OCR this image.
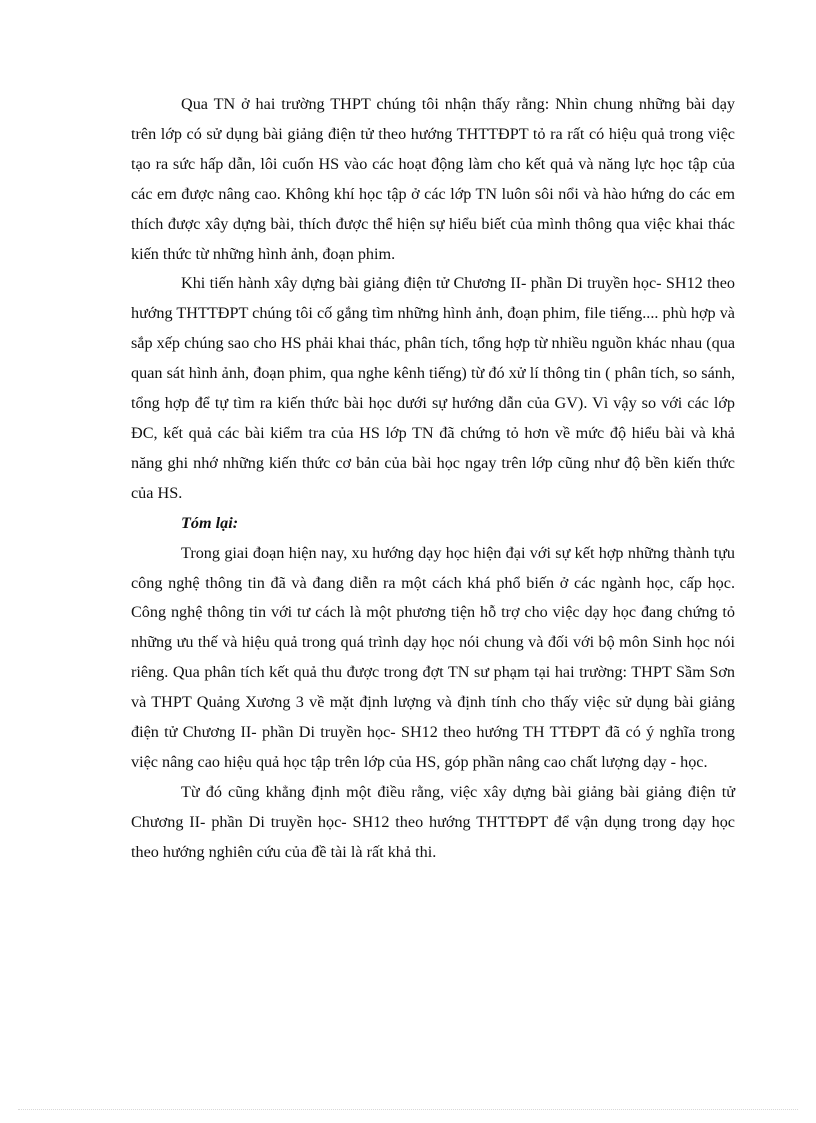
Qua TN ở hai trường THPT chúng tôi nhận thấy rằng: Nhìn chung những bài dạy trên lớp có sử dụng bài giảng điện tử theo hướng THTTĐPT tỏ ra rất có hiệu quả trong việc tạo ra sức hấp dẫn, lôi cuốn HS vào các hoạt động làm cho kết quả và năng lực học tập của các em được nâng cao. Không khí học tập ở các lớp TN luôn sôi nổi và hào hứng do các em thích được xây dựng bài, thích được thể hiện sự hiểu biết của mình thông qua việc khai thác kiến thức từ những hình ảnh, đoạn phim.

Khi tiến hành xây dựng bài giảng điện tử Chương II- phần Di truyền học- SH12 theo hướng THTTĐPT chúng tôi cố gắng tìm những hình ảnh, đoạn phim, file tiếng.... phù hợp và sắp xếp chúng sao cho HS phải khai thác, phân tích, tổng hợp từ nhiều nguồn khác nhau (qua quan sát hình ảnh, đoạn phim, qua nghe kênh tiếng) từ đó xử lí thông tin ( phân tích, so sánh, tổng hợp để tự tìm ra kiến thức bài học dưới sự hướng dẫn của GV). Vì vậy so với các lớp ĐC, kết quả các bài kiểm tra của HS lớp TN đã chứng tỏ hơn về mức độ hiểu bài và khả năng ghi nhớ những kiến thức cơ bản của bài học ngay trên lớp cũng như độ bền kiến thức của HS.

Tóm lại:

Trong giai đoạn hiện nay, xu hướng dạy học hiện đại với sự kết hợp những thành tựu công nghệ thông tin đã và đang diễn ra một cách khá phổ biến ở các ngành học, cấp học. Công nghệ thông tin với tư cách là một phương tiện hỗ trợ cho việc dạy học đang chứng tỏ những ưu thế và hiệu quả trong quá trình dạy học nói chung và đối với bộ môn Sinh học nói riêng. Qua phân tích kết quả thu được trong đợt TN sư phạm tại hai trường: THPT Sầm Sơn và THPT Quảng Xương 3 về mặt định lượng và định tính cho thấy việc sử dụng bài giảng điện tử Chương II- phần Di truyền học- SH12 theo hướng TH TTĐPT đã có ý nghĩa trong việc nâng cao hiệu quả học tập trên lớp của HS, góp phần nâng cao chất lượng dạy - học.

Từ đó cũng khẳng định một điều rằng, việc xây dựng bài giảng bài giảng điện tử Chương II- phần Di truyền học- SH12 theo hướng THTTĐPT để vận dụng trong dạy học theo hướng nghiên cứu của đề tài là rất khả thi.
